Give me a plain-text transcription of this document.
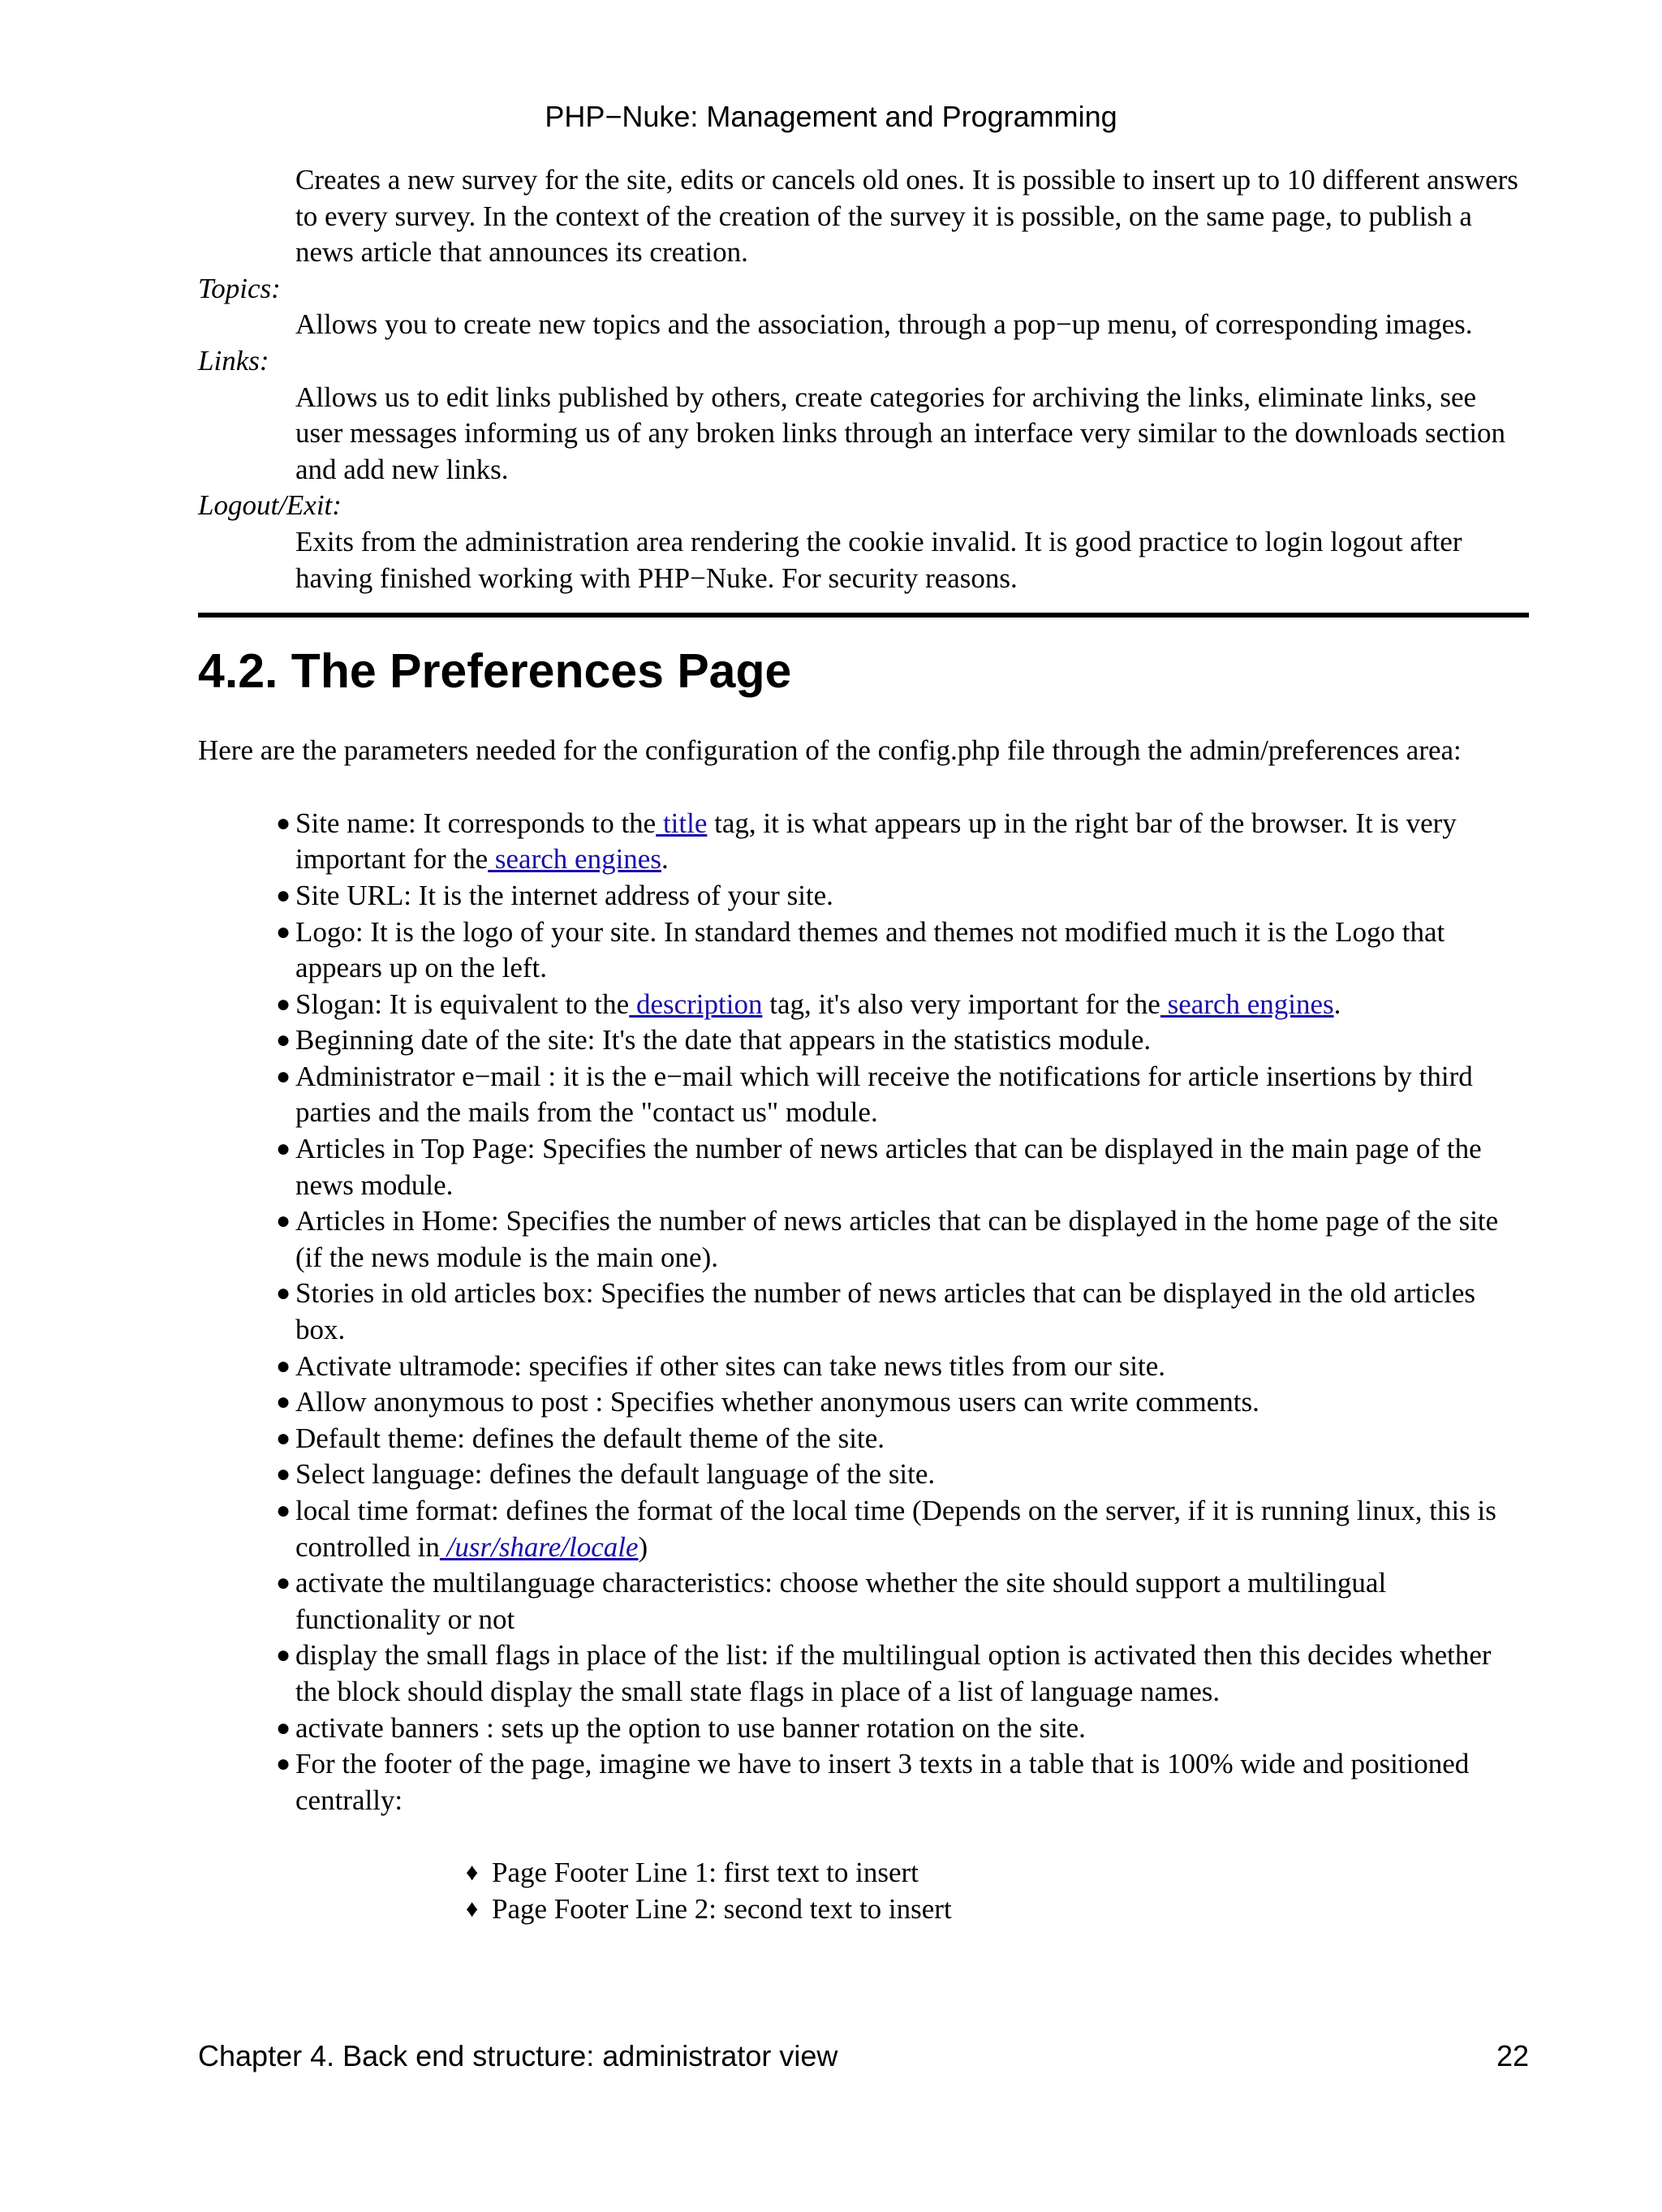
PHP−Nuke: Management and Programming

Creates a new survey for the site, edits or cancels old ones. It is possible to insert up to 10 different answers to every survey. In the context of the creation of the survey it is possible, on the same page, to publish a news article that announces its creation.

Topics:

Allows you to create new topics and the association, through a pop−up menu, of corresponding images.

Links:

Allows us to edit links published by others, create categories for archiving the links, eliminate links, see user messages informing us of any broken links through an interface very similar to the downloads section and add new links.

Logout/Exit:

Exits from the administration area rendering the cookie invalid. It is good practice to login logout after having finished working with PHP−Nuke. For security reasons.

4.2. The Preferences Page

Here are the parameters needed for the configuration of the config.php file through the admin/preferences area:

● Site name: It corresponds to the title tag, it is what appears up in the right bar of the browser. It is very important for the search engines.
● Site URL: It is the internet address of your site.
● Logo: It is the logo of your site. In standard themes and themes not modified much it is the Logo that appears up on the left.
● Slogan: It is equivalent to the description tag, it's also very important for the search engines.
● Beginning date of the site: It's the date that appears in the statistics module.
● Administrator e−mail : it is the e−mail which will receive the notifications for article insertions by third parties and the mails from the "contact us" module.
● Articles in Top Page: Specifies the number of news articles that can be displayed in the main page of the news module.
● Articles in Home: Specifies the number of news articles that can be displayed in the home page of the site (if the news module is the main one).
● Stories in old articles box: Specifies the number of news articles that can be displayed in the old articles box.
● Activate ultramode: specifies if other sites can take news titles from our site.
● Allow anonymous to post : Specifies whether anonymous users can write comments.
● Default theme: defines the default theme of the site.
● Select language: defines the default language of the site.
● local time format: defines the format of the local time (Depends on the server, if it is running linux, this is controlled in /usr/share/locale)
● activate the multilanguage characteristics: choose whether the site should support a multilingual functionality or not
● display the small flags in place of the list: if the multilingual option is activated then this decides whether the block should display the small state flags in place of a list of language names.
● activate banners : sets up the option to use banner rotation on the site.
● For the footer of the page, imagine we have to insert 3 texts in a table that is 100% wide and positioned centrally:
♦ Page Footer Line 1: first text to insert
♦ Page Footer Line 2: second text to insert
Chapter 4. Back end structure: administrator view	22
